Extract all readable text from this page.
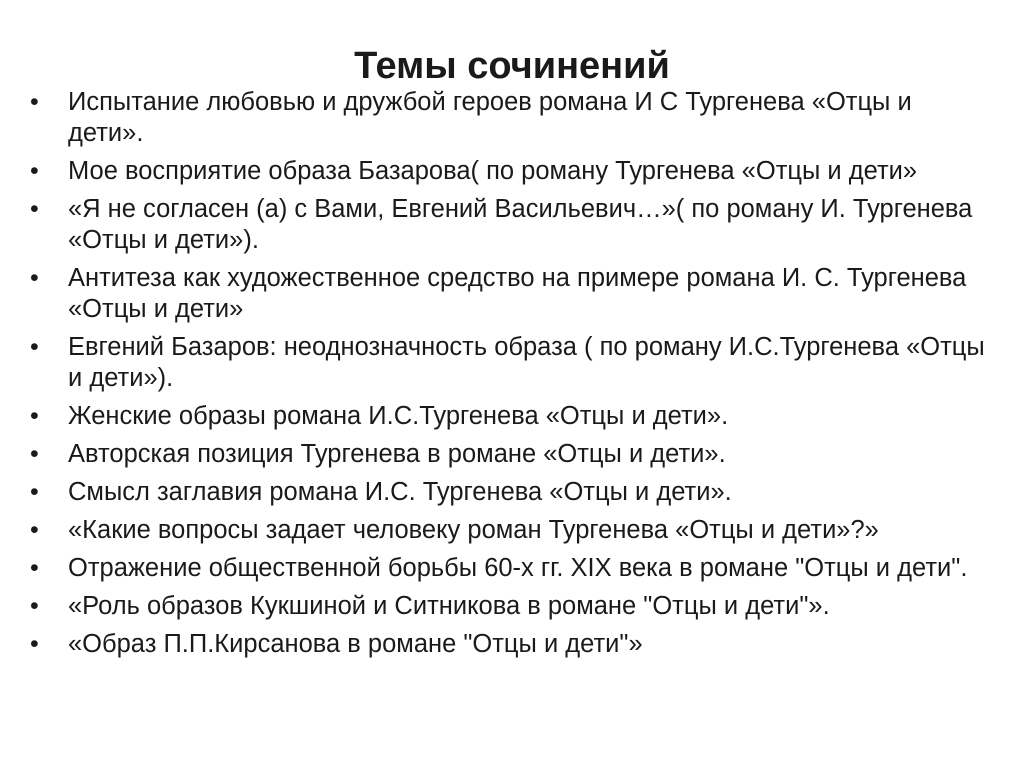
Темы сочинений
•	Испытание любовью и дружбой героев романа И С Тургенева «Отцы и дети».
•	Мое восприятие образа Базарова( по роману Тургенева «Отцы и дети»
•	«Я не согласен (а) с Вами, Евгений Васильевич…»( по роману И. Тургенева «Отцы и дети»).
•	Антитеза как художественное средство на примере романа И. С. Тургенева «Отцы и дети»
•	Евгений Базаров: неоднозначность образа ( по роману И.С.Тургенева «Отцы и дети»).
•	Женские образы романа И.С.Тургенева «Отцы и дети».
•	Авторская позиция Тургенева в романе «Отцы и дети».
•	Смысл заглавия романа И.С. Тургенева «Отцы и дети».
•	«Какие вопросы задает человеку роман Тургенева «Отцы и дети»?»
•	Отражение общественной борьбы 60-х гг. XIX века в романе "Отцы и дети".
•	«Роль образов Кукшиной и Ситникова в романе "Отцы и дети"».
•	«Образ П.П.Кирсанова в романе "Отцы и дети"»
